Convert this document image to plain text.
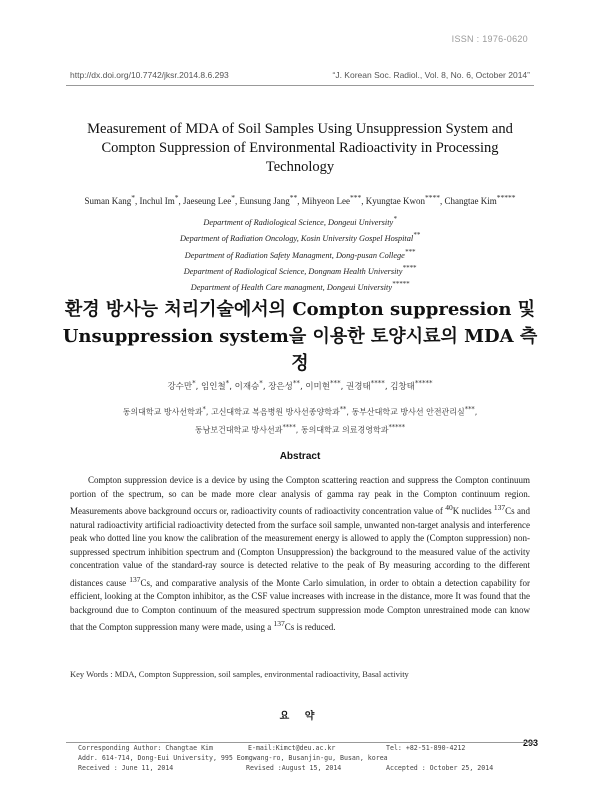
ISSN : 1976-0620
http://dx.doi.org/10.7742/jksr.2014.8.6.293	“J. Korean Soc. Radiol., Vol. 8, No. 6, October 2014”
Measurement of MDA of Soil Samples Using Unsuppression System and Compton Suppression of Environmental Radioactivity in Processing Technology
Suman Kang*, Inchul Im*, Jaeseung Lee*, Eunsung Jang**, Mihyeon Lee***, Kyungtae Kwon****, Changtae Kim*****
Department of Radiological Science, Dongeui University*
Department of Radiation Oncology, Kosin University Gospel Hospital**
Department of Radiation Safety Managment, Dong-pusan College***
Department of Radiological Science, Dongnam Health University****
Department of Health Care managment, Dongeui University*****
환경 방사능 처리기술에서의 Compton suppression 및
Unsuppression system을 이용한 토양시료의 MDA 측정
강수만*, 임인철*, 이재승*, 장은성**, 이미현***, 권경태****, 김창태*****
동의대학교 방사선학과*, 고신대학교 복음병원 방사선종양학과**, 동부산대학교 방사선 안전관리실***,
동남보건대학교 방사선과****, 동의대학교 의료경영학과*****
Abstract
Compton suppression device is a device by using the Compton scattering reaction and suppress the Compton continuum portion of the spectrum, so can be made more clear analysis of gamma ray peak in the Compton continuum region. Measurements above background occurs or, radioactivity counts of radioactivity concentration value of $^{40}$K nuclides $^{137}$Cs and natural radioactivity artificial radioactivity detected from the surface soil sample, unwanted non-target analysis and interference peak who dotted line you know the calibration of the measurement energy is allowed to apply the (Compton suppression) non-suppressed spectrum inhibition spectrum and (Compton Unsuppression) the background to the measured value of the activity concentration value of the standard-ray source is detected relative to the peak of By measuring according to the different distances cause $^{137}$Cs, and comparative analysis of the Monte Carlo simulation, in order to obtain a detection capability for efficient, looking at the Compton inhibitor, as the CSF value increases with increase in the distance, more It was found that the background due to Compton continuum of the measured spectrum suppression mode Compton unrestrained mode can know that the Compton suppression many were made, using a $^{137}$Cs is reduced.
Key Words : MDA, Compton Suppression, soil samples, environmental radioactivity, Basal activity
요 약
293
Corresponding Author: Changtae Kim	E-mail:Kimct@deu.ac.kr	Tel: +82-51-890-4212
Addr. 614-714, Dong-Eui University, 995 Eomgwang-ro, Busanjin-gu, Busan, korea
Received : June 11, 2014	Revised :August 15, 2014	Accepted : October 25, 2014
